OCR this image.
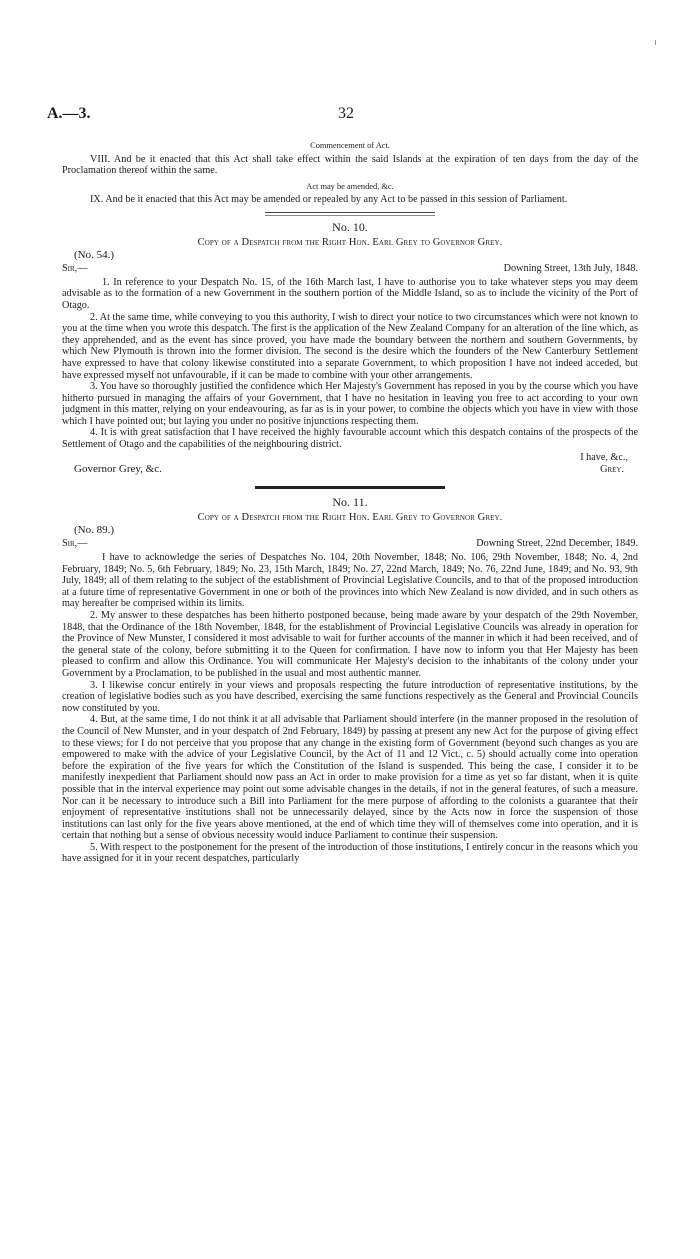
A.—3.	32
Commencement of Act.

VIII. And be it enacted that this Act shall take effect within the said Islands at the expiration of ten days from the day of the Proclamation thereof within the same.

Act may be amended, &c.

IX. And be it enacted that this Act may be amended or repealed by any Act to be passed in this session of Parliament.

No. 10.
Copy of a Despatch from the Right Hon. Earl Grey to Governor Grey.
(No. 54.)
Sir,—	Downing Street, 13th July, 1848.

1. In reference to your Despatch No. 15, of the 16th March last, I have to authorise you to take whatever steps you may deem advisable as to the formation of a new Government in the southern portion of the Middle Island, so as to include the vicinity of the Port of Otago.

2. At the same time, while conveying to you this authority, I wish to direct your notice to two circumstances which were not known to you at the time when you wrote this despatch. The first is the application of the New Zealand Company for an alteration of the line which, as they apprehended, and as the event has since proved, you have made the boundary between the northern and southern Governments, by which New Plymouth is thrown into the former division. The second is the desire which the founders of the New Canterbury Settlement have expressed to have that colony likewise constituted into a separate Government, to which proposition I have not indeed acceded, but have expressed myself not unfavourable, if it can be made to combine with your other arrangements.

3. You have so thoroughly justified the confidence which Her Majesty's Government has reposed in you by the course which you have hitherto pursued in managing the affairs of your Government, that I have no hesitation in leaving you free to act according to your own judgment in this matter, relying on your endeavouring, as far as is in your power, to combine the objects which you have in view with those which I have pointed out; but laying you under no positive injunctions respecting them.

4. It is with great satisfaction that I have received the highly favourable account which this despatch contains of the prospects of the Settlement of Otago and the capabilities of the neighbouring district.

I have, &c.,
Governor Grey, &c.	Grey.
No. 11.
Copy of a Despatch from the Right Hon. Earl Grey to Governor Grey.
(No. 89.)
Sir,—	Downing Street, 22nd December, 1849.

I have to acknowledge the series of Despatches No. 104, 20th November, 1848; No. 106, 29th November, 1848; No. 4, 2nd February, 1849; No. 5, 6th February, 1849; No. 23, 15th March, 1849; No. 27, 22nd March, 1849; No. 76, 22nd June, 1849; and No. 93, 9th July, 1849; all of them relating to the subject of the establishment of Provincial Legislative Councils, and to that of the proposed introduction at a future time of representative Government in one or both of the provinces into which New Zealand is now divided, and in such others as may hereafter be comprised within its limits.

2. My answer to these despatches has been hitherto postponed because, being made aware by your despatch of the 29th November, 1848, that the Ordinance of the 18th November, 1848, for the establishment of Provincial Legislative Councils was already in operation for the Province of New Munster, I considered it most advisable to wait for further accounts of the manner in which it had been received, and of the general state of the colony, before submitting it to the Queen for confirmation. I have now to inform you that Her Majesty has been pleased to confirm and allow this Ordinance. You will communicate Her Majesty's decision to the inhabitants of the colony under your Government by a Proclamation, to be published in the usual and most authentic manner.

3. I likewise concur entirely in your views and proposals respecting the future introduction of representative institutions, by the creation of legislative bodies such as you have described, exercising the same functions respectively as the General and Provincial Councils now constituted by you.

4. But, at the same time, I do not think it at all advisable that Parliament should interfere (in the manner proposed in the resolution of the Council of New Munster, and in your despatch of 2nd February, 1849) by passing at present any new Act for the purpose of giving effect to these views; for I do not perceive that you propose that any change in the existing form of Government (beyond such changes as you are empowered to make with the advice of your Legislative Council, by the Act of 11 and 12 Vict., c. 5) should actually come into operation before the expiration of the five years for which the Constitution of the Island is suspended. This being the case, I consider it to be manifestly inexpedient that Parliament should now pass an Act in order to make provision for a time as yet so far distant, when it is quite possible that in the interval experience may point out some advisable changes in the details, if not in the general features, of such a measure. Nor can it be necessary to introduce such a Bill into Parliament for the mere purpose of affording to the colonists a guarantee that their enjoyment of representative institutions shall not be unnecessarily delayed, since by the Acts now in force the suspension of those institutions can last only for the five years above mentioned, at the end of which time they will of themselves come into operation, and it is certain that nothing but a sense of obvious necessity would induce Parliament to continue their suspension.

5. With respect to the postponement for the present of the introduction of those institutions, I entirely concur in the reasons which you have assigned for it in your recent despatches, particularly
